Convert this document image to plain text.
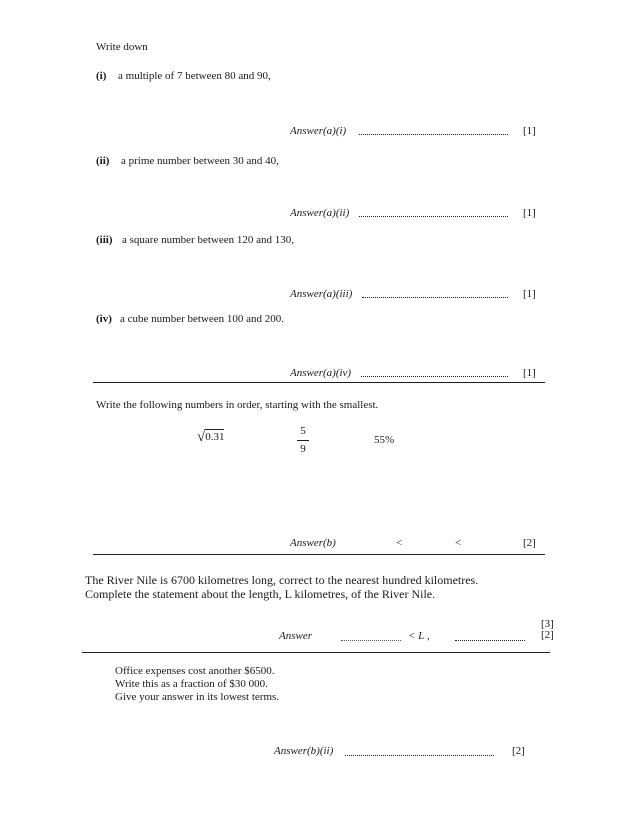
Write down
(i) a multiple of 7 between 80 and 90,
Answer(a)(i)	[1]
(ii) a prime number between 30 and 40,
Answer(a)(ii)	[1]
(iii) a square number between 120 and 130,
Answer(a)(iii)	[1]
(iv) a cube number between 100 and 200.
Answer(a)(iv)	[1]
Write the following numbers in order, starting with the smallest.
√0.31	5
9
55%
Answer(b)	<	<	[2]
The River Nile is 6700 kilometres long, correct to the nearest hundred kilometres.
Complete the statement about the length, L kilometres, of the River Nile.
Answer	< L ,
[3]
[2]
Office expenses cost another $6500.
Write this as a fraction of $30 000.
Give your answer in its lowest terms.
Answer(b)(ii)	[2]
